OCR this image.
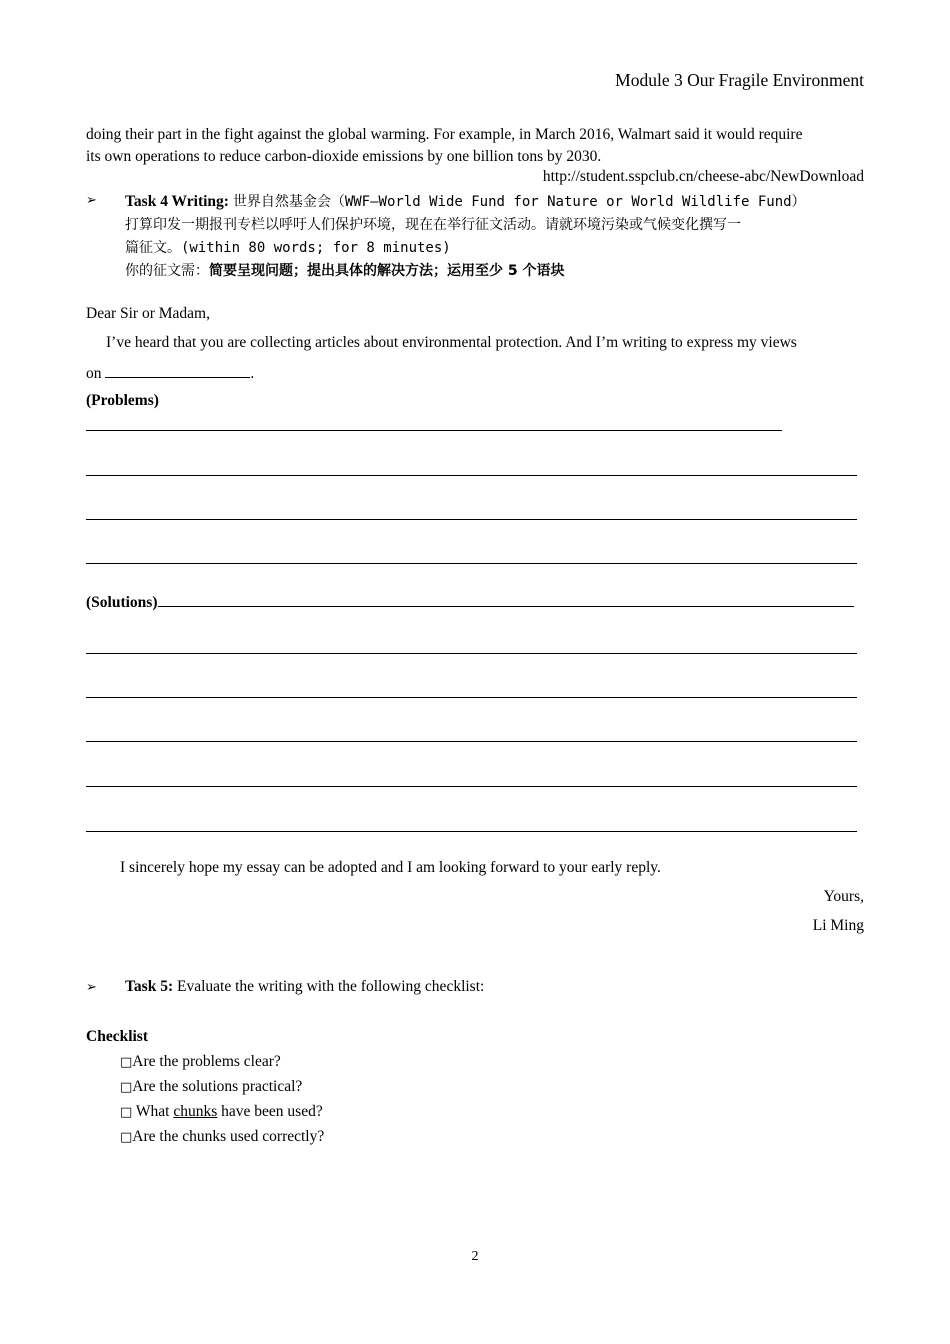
Module 3 Our Fragile Environment
doing their part in the fight against the global warming. For example, in March 2016, Walmart said it would require
its own operations to reduce carbon-dioxide emissions by one billion tons by 2030.
http://student.sspclub.cn/cheese-abc/NewDownload
➢ Task 4 Writing: 世界自然基金会（WWF—World Wide Fund for Nature or World Wildlife Fund）
打算印发一期报刊专栏以呼吁人们保护环境，现在在举行征文活动。请就环境污染或气候变化撰写一
篇征文。(within 80 words; for 8 minutes)
你的征文需：简要呈现问题；提出具体的解决方法；运用至少 5 个语块
Dear Sir or Madam,
I’ve heard that you are collecting articles about environmental protection. And I’m writing to express my views
on	.
(Problems)
(Solutions)
I sincerely hope my essay can be adopted and I am looking forward to your early reply.
Yours,
Li Ming
➢ Task 5: Evaluate the writing with the following checklist:
Checklist
□Are the problems clear?
□Are the solutions practical?
□ What chunks have been used?
□Are the chunks used correctly?
2
